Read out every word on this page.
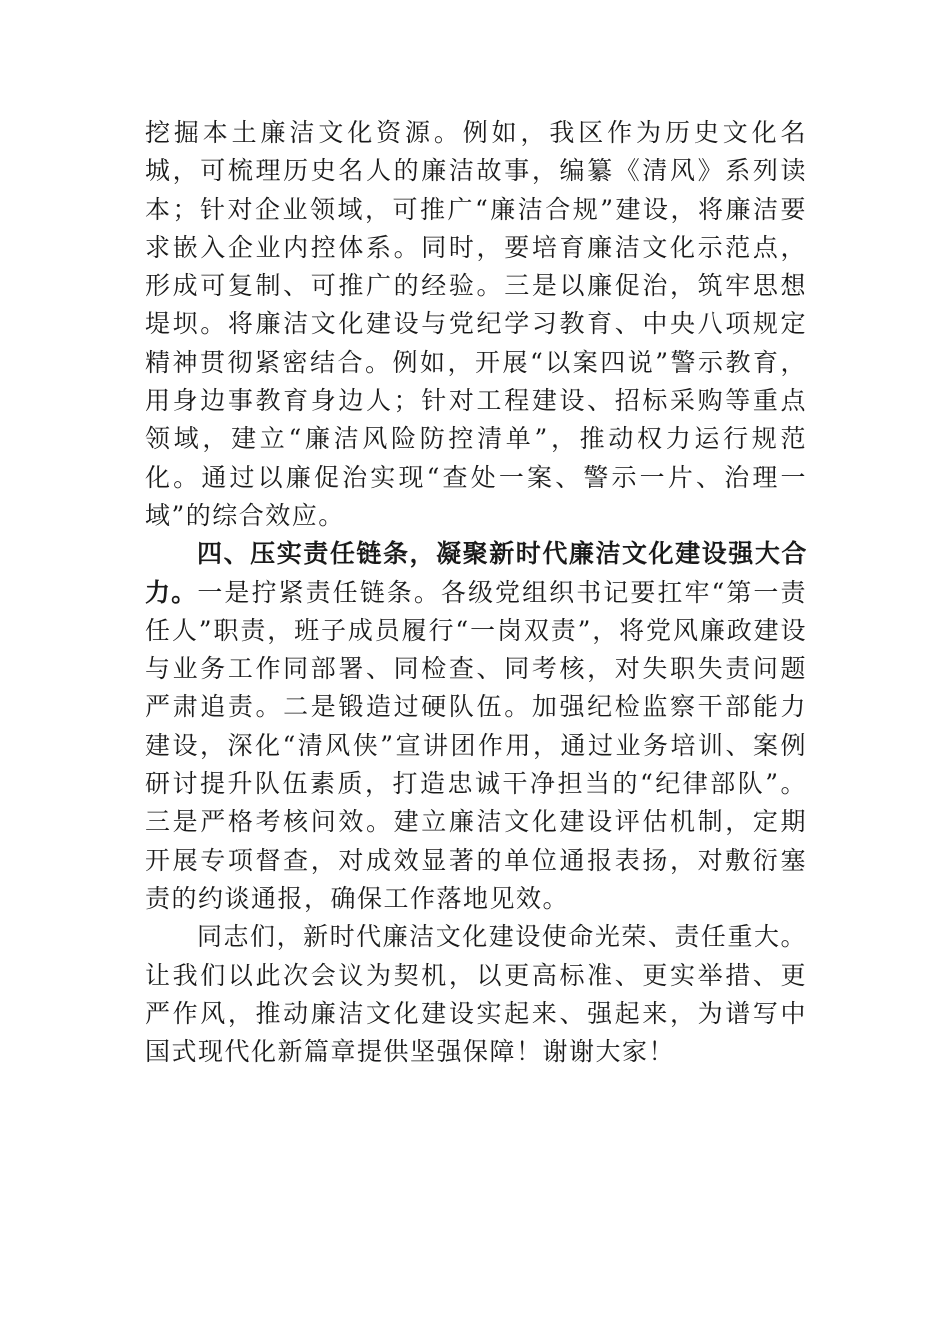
挖掘本土廉洁文化资源。例如，我区作为历史文化名城，可梳理历史名人的廉洁故事，编纂《清风》系列读本；针对企业领域，可推广“廉洁合规”建设，将廉洁要求嵌入企业内控体系。同时，要培育廉洁文化示范点，形成可复制、可推广的经验。三是以廉促治，筑牢思想堤坝。将廉洁文化建设与党纪学习教育、中央八项规定精神贯彻紧密结合。例如，开展“以案四说”警示教育，用身边事教育身边人；针对工程建设、招标采购等重点领域，建立“廉洁风险防控清单”，推动权力运行规范化。通过以廉促治实现“查处一案、警示一片、治理一域”的综合效应。

四、压实责任链条，凝聚新时代廉洁文化建设强大合力。一是拧紧责任链条。各级党组织书记要扛牢“第一责任人”职责，班子成员履行“一岗双责”，将党风廉政建设与业务工作同部署、同检查、同考核，对失职失责问题严肃追责。二是锻造过硬队伍。加强纪检监察干部能力建设，深化“清风侠”宣讲团作用，通过业务培训、案例研讨提升队伍素质，打造忠诚干净担当的“纪律部队”。三是严格考核问效。建立廉洁文化建设评估机制，定期开展专项督查，对成效显著的单位通报表扬，对敷衍塞责的约谈通报，确保工作落地见效。

同志们，新时代廉洁文化建设使命光荣、责任重大。让我们以此次会议为契机，以更高标准、更实举措、更严作风，推动廉洁文化建设实起来、强起来，为谱写中国式现代化新篇章提供坚强保障！谢谢大家！
